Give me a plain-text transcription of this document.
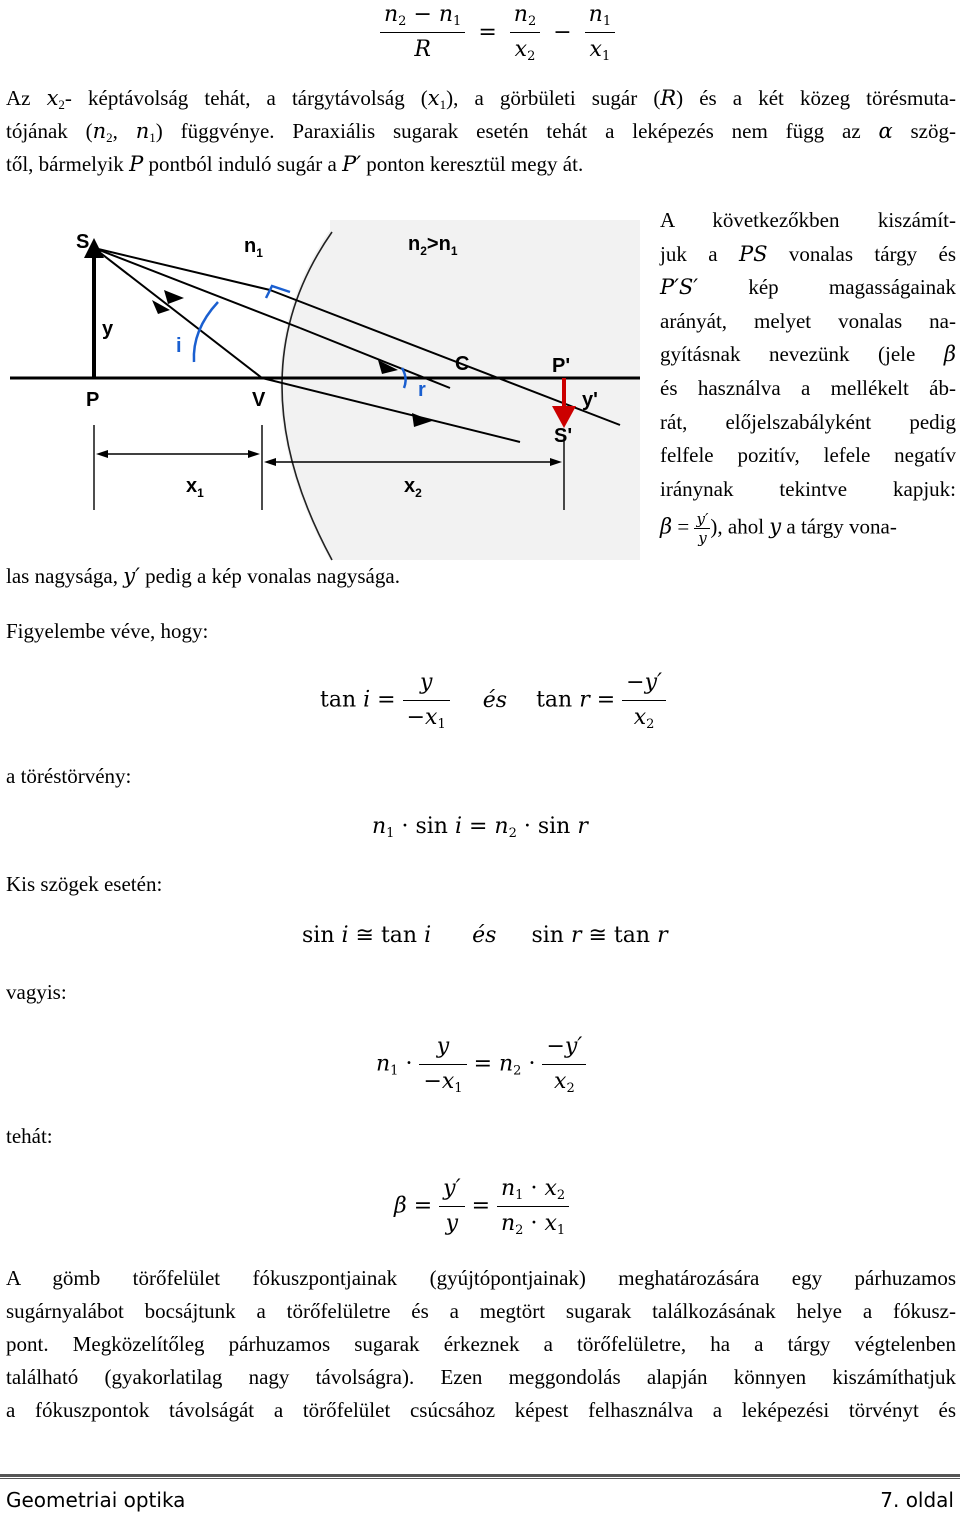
$\frac{n_2 - n_1}{R} = \frac{n_2}{x_2} - \frac{n_1}{x_1}$
Az $x_2-$ képtávolság tehát, a tárgytávolság $(x_1)$, a görbületi sugár (R) és a két közeg törésmuta-
tójának ($n_2$, $n_1$) függvénye. Paraxiális sugarak esetén tehát a leképezés nem függ az α szög-
től, bármelyik P pontból induló sugár a P′ ponton keresztül megy át.
S	$n_1$	$n_2>n_1$
y
i
C	P'
r	y'
P	V
S'
$x_1$	$x_2$
A következőkben kiszámít-
juk a PS vonalas tárgy és
P′S′ kép magasságainak
arányát, melyet vonalas na-
gyításnak nevezünk (jele β
és használva a mellékelt áb-
rát, előjelszabályként pedig
felfele pozitív, lefele negatív
iránynak tekintve kapjuk:
$\beta = \frac{y'}{y}$ ), ahol y a tárgy vona-
las nagysága, y′ pedig a kép vonalas nagysága.
Figyelembe véve, hogy:
$\tan i = \frac{y}{-x_1}$ és $\tan r = \frac{-y'}{x_2}$
a töréstörvény:
$n_1 \cdot \sin i = n_2 \cdot \sin r$
Kis szögek esetén:
sin i ≅ tan i és sin r ≅ tan r
vagyis:
$n_1 \cdot \frac{y}{-x_1} = n_2 \cdot \frac{-y'}{x_2}$
tehát:
$\beta = \frac{y'}{y} = \frac{n_1 \cdot x_2}{n_2 \cdot x_1}$
A gömb törőfelület fókuszpontjainak (gyújtópontjainak) meghatározására egy párhuzamos
sugárnyalábot bocsájtunk a törőfelületre és a megtört sugarak találkozásának helye a fókusz-
pont. Megközelítőleg párhuzamos sugarak érkeznek a törőfelületre, ha a tárgy végtelenben
található (gyakorlatilag nagy távolságra). Ezen meggondolás alapján könnyen kiszámíthatjuk
a fókuszpontok távolságát a törőfelület csúcsához képest felhasználva a leképezési törvényt és
Geometriai optika	7. oldal
